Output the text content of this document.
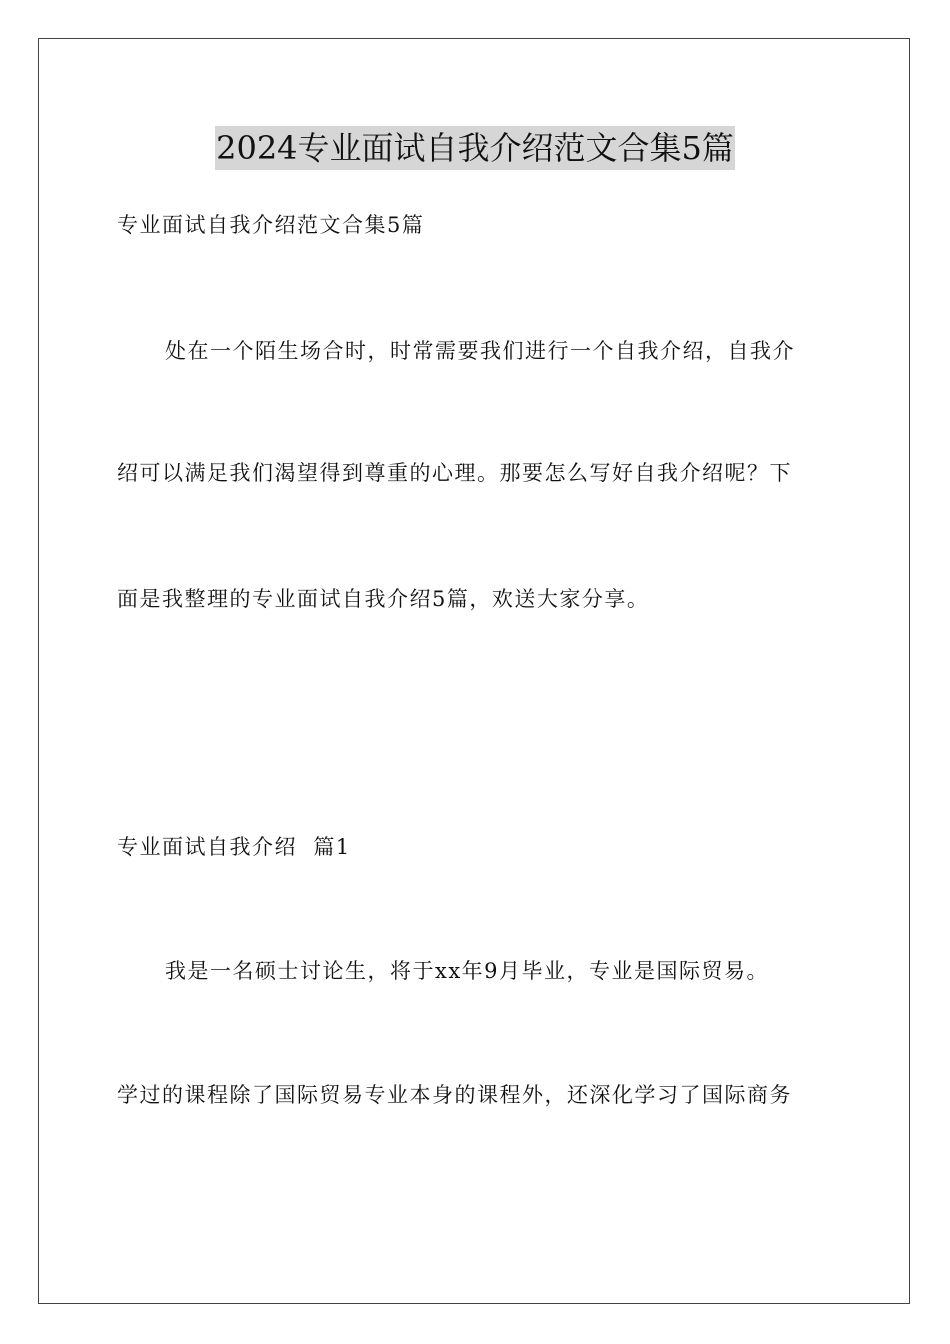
2024专业面试自我介绍范文合集5篇

专业面试自我介绍范文合集5篇

处在一个陌生场合时，时常需要我们进行一个自我介绍，自我介

绍可以满足我们渴望得到尊重的心理。那要怎么写好自我介绍呢？下

面是我整理的专业面试自我介绍5篇，欢送大家分享。

专业面试自我介绍  篇1

我是一名硕士讨论生，将于xx年9月毕业，专业是国际贸易。

学过的课程除了国际贸易专业本身的课程外，还深化学习了国际商务
